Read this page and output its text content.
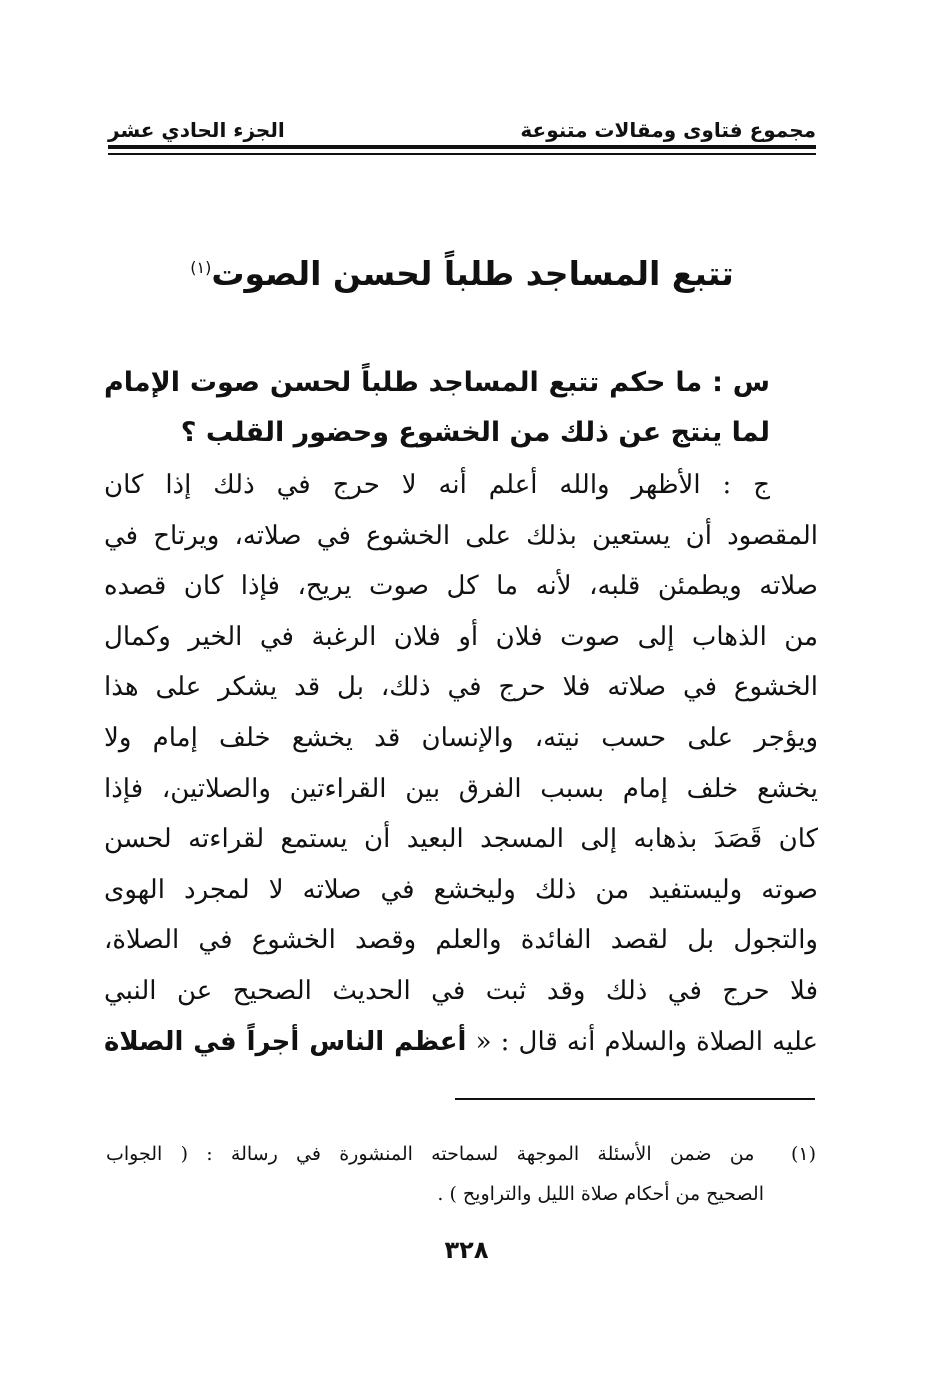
مجموع فتاوى ومقالات متنوعة
الجزء الحادي عشر
تتبع المساجد طلباً لحسن الصوت$^{(١)}$
س : ما حكم تتبع المساجد طلباً لحسن صوت الإمام
لما ينتج عن ذلك من الخشوع وحضور القلب ؟
ج : الأظهر والله أعلم أنه لا حرج في ذلك إذا كان
المقصود أن يستعين بذلك على الخشوع في صلاته، ويرتاح في
صلاته ويطمئن قلبه، لأنه ما كل صوت يريح، فإذا كان قصده
من الذهاب إلى صوت فلان أو فلان الرغبة في الخير وكمال
الخشوع في صلاته فلا حرج في ذلك، بل قد يشكر على هذا
ويؤجر على حسب نيته، والإنسان قد يخشع خلف إمام ولا
يخشع خلف إمام بسبب الفرق بين القراءتين والصلاتين، فإذا
كان قَصَدَ بذهابه إلى المسجد البعيد أن يستمع لقراءته لحسن
صوته وليستفيد من ذلك وليخشع في صلاته لا لمجرد الهوى
والتجول بل لقصد الفائدة والعلم وقصد الخشوع في الصلاة،
فلا حرج في ذلك وقد ثبت في الحديث الصحيح عن النبي
عليه الصلاة والسلام أنه قال : « أعظم الناس أجراً في الصلاة
(١)  من ضمن الأسئلة الموجهة لسماحته المنشورة في رسالة : ( الجواب
الصحيح من أحكام صلاة الليل والتراويح ) .
٣٢٨
